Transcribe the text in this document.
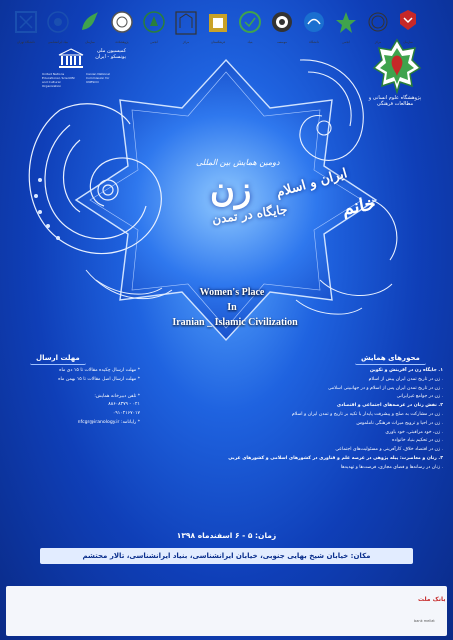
کمیسیون ملی یونسکو - ایران
United Nations Educational, Scientific and Cultural Organization
Iranian National Commission for UNESCO
پژوهشگاه علوم انسانی و مطالعات فرهنگی
دومین همایش بین المللی
زن	ایران و اسلام
جایگاه در تمدن	خانم
Women's Place
In
Iranian _ Islamic Civilization
محورهای همایش
مهلت ارسال
۱. جایگاه زن در آفرینش و تکوین
. زن در تاریخ تمدن ایران پیش از اسلام
. زن در تاریخ تمدن ایران پس از اسلام و در جهانبینی اسلامی
. زن در جوامع غیرایرانی
۲. نقش زنان در عرصه‌های اجتماعی و اقتصادی
. زن در مشارکت به صلح و پیشرفت پایدار با تکیه بر تاریخ و تمدن ایران و اسلام
. زن در احیا و ترویج میراث فرهنگی ناملموس
. زن، خود مراقبتی، خود باوری
. زن در تحکیم بنیاد خانواده
. زن در اقتصاد خلاق، کارآفرینی و مسئولیت‌های اجتماعی
۳. زنان و معاصرت: پیله پژوهی در عرصه علم و فناوری در کشورهای اسلامی و کشورهای غربی
. زنان در رسانه‌ها و فضای مجازی، فرصت‌ها و تهدیدها
* مهلت ارسال چکیده مقالات تا ۱۵ دی ماه
* مهلت ارسال اصل مقالات تا ۱۵ بهمن ماه
* تلفن دبیرخانه همایش:
۰۲۱ - ۸۸۶۰۸۳۷۹
۰۹۱۰۲۱۶۷۰۱۷
* رایانامه: nfcgr@iranology.ir
زمان: ۵ - ۶ اسفندماه ۱۳۹۸
مکان: خیابان شیخ بهایی جنوبی، خیابان ایرانشناسی، بنیاد ایرانشناسی، تالار محتشم
بانک ملت
bank mellat
دانشگاه تهران	بنیاد ایرانشناسی	سازمان	پژوهشکده	انجمن	مرکز	فرهنگستان	بنیاد	موسسه	دانشگاه	انجمن	مرکز	سازمان
